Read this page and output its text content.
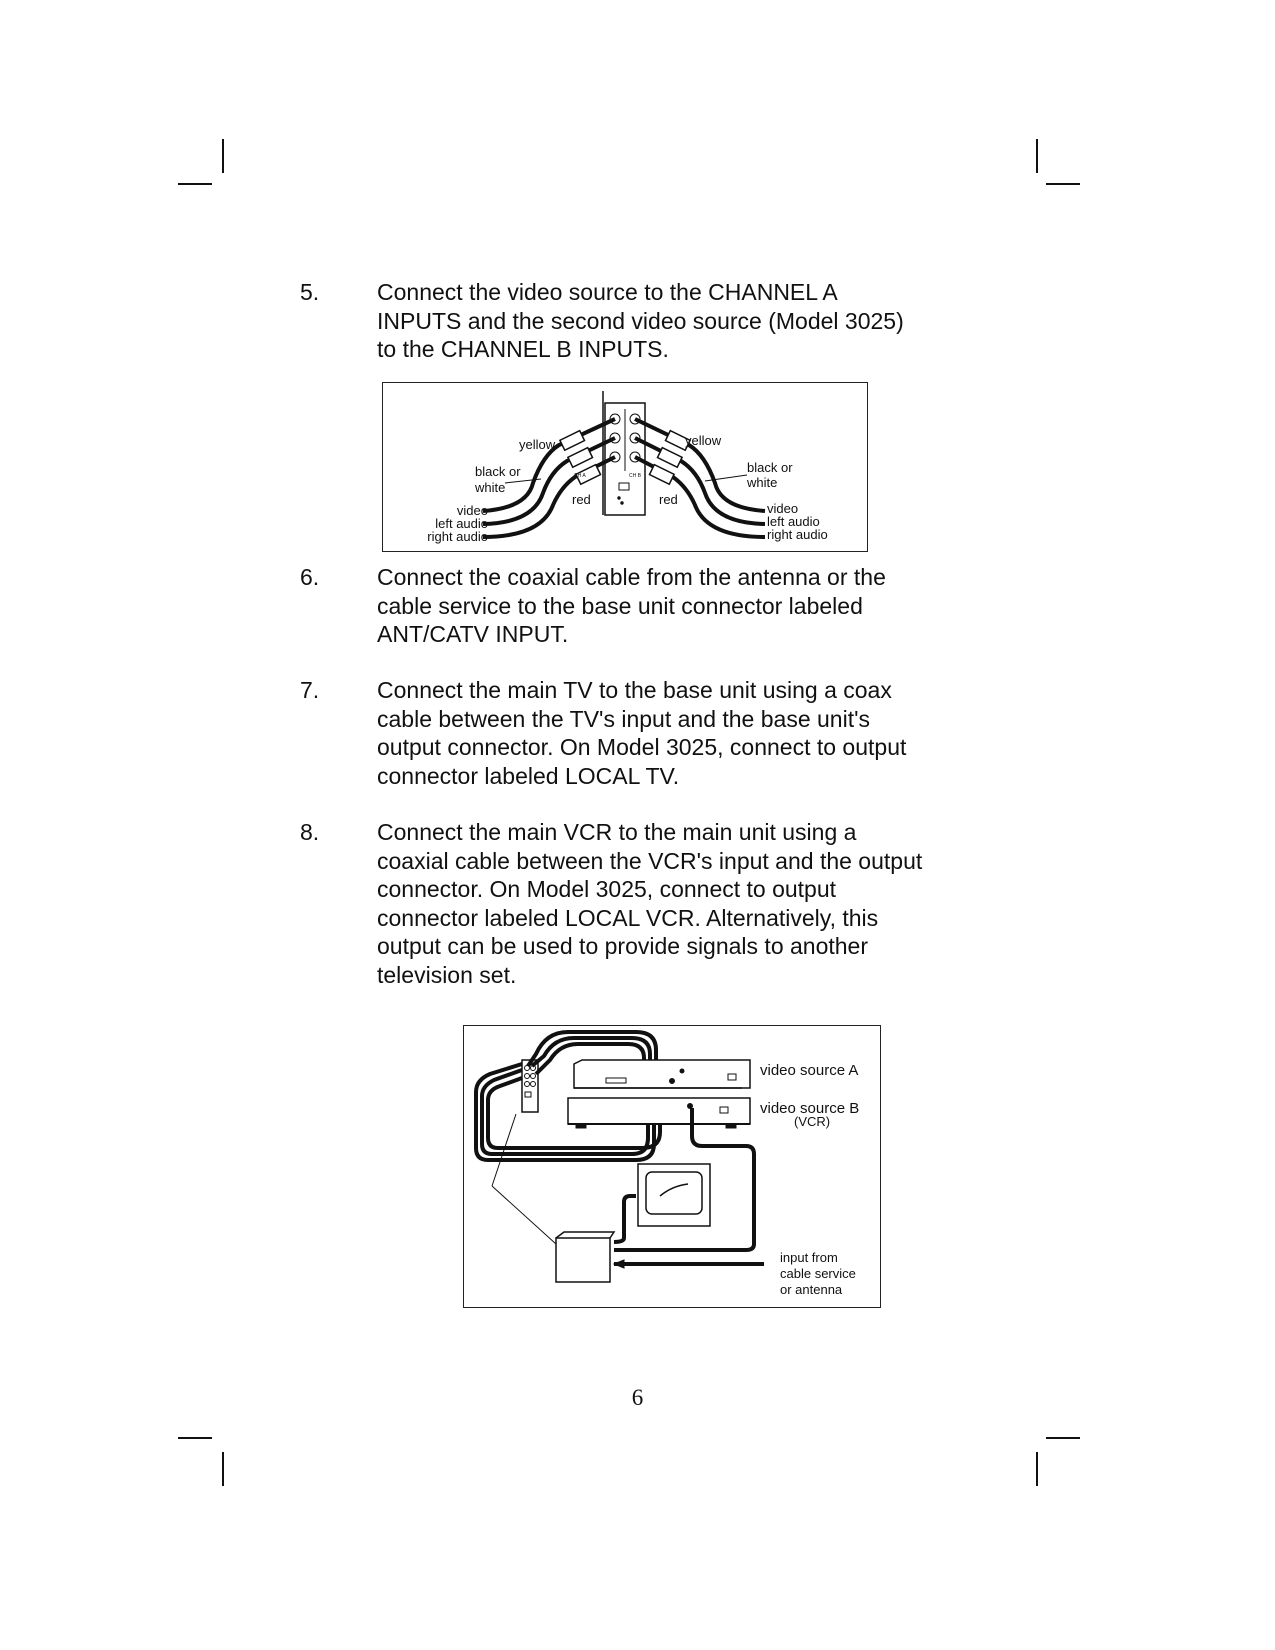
5.	Connect the video source to the CHANNEL A
INPUTS and the second video source (Model 3025)
to the CHANNEL B INPUTS.
CH A	CH B
yellow
black or
white
red
video
left audio
right audio
yellow
black or
white
red
video
left audio
right audio
6.	Connect the coaxial cable from the antenna or the
cable service to the base unit connector labeled
ANT/CATV INPUT.
7.	Connect the main TV to the base unit using a coax
cable between the TV's input and the base unit's
output connector. On Model 3025, connect to output
connector labeled LOCAL TV.
8.	Connect the main VCR to the main unit using a
coaxial cable between the VCR's input and the output
connector. On Model 3025, connect to output
connector labeled LOCAL VCR. Alternatively, this
output can be used to provide signals to another
television set.
video source A
video source B
(VCR)
input from
cable service
or antenna
6
